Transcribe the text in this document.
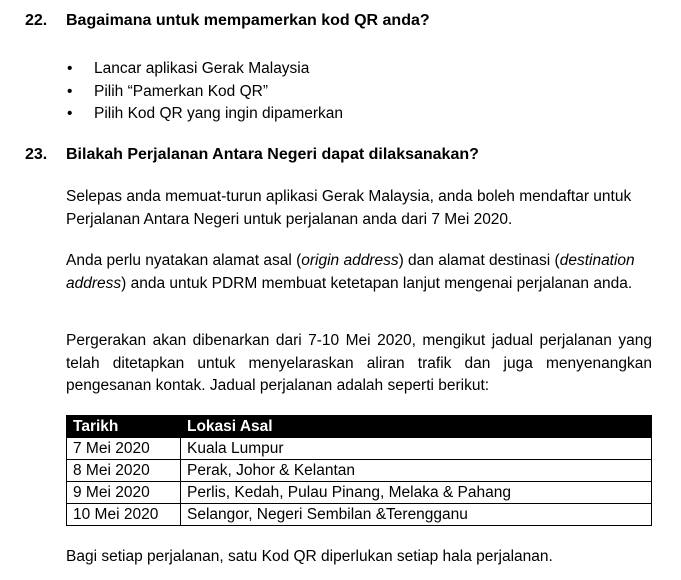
22.	Bagaimana untuk mempamerkan kod QR anda?
• Lancar aplikasi Gerak Malaysia
• Pilih “Pamerkan Kod QR”
• Pilih Kod QR yang ingin dipamerkan
23.	Bilakah Perjalanan Antara Negeri dapat dilaksanakan?

Selepas anda memuat-turun aplikasi Gerak Malaysia, anda boleh mendaftar untuk Perjalanan Antara Negeri untuk perjalanan anda dari 7 Mei 2020.

Anda perlu nyatakan alamat asal (origin address) dan alamat destinasi (destination address) anda untuk PDRM membuat ketetapan lanjut mengenai perjalanan anda.

Pergerakan akan dibenarkan dari 7-10 Mei 2020, mengikut jadual perjalanan yang telah ditetapkan untuk menyelaraskan aliran trafik dan juga menyenangkan pengesanan kontak. Jadual perjalanan adalah seperti berikut:

Tarikh	Lokasi Asal
7 Mei 2020	Kuala Lumpur
8 Mei 2020	Perak, Johor & Kelantan
9 Mei 2020	Perlis, Kedah, Pulau Pinang, Melaka & Pahang
10 Mei 2020	Selangor, Negeri Sembilan &Terengganu

Bagi setiap perjalanan, satu Kod QR diperlukan setiap hala perjalanan.
